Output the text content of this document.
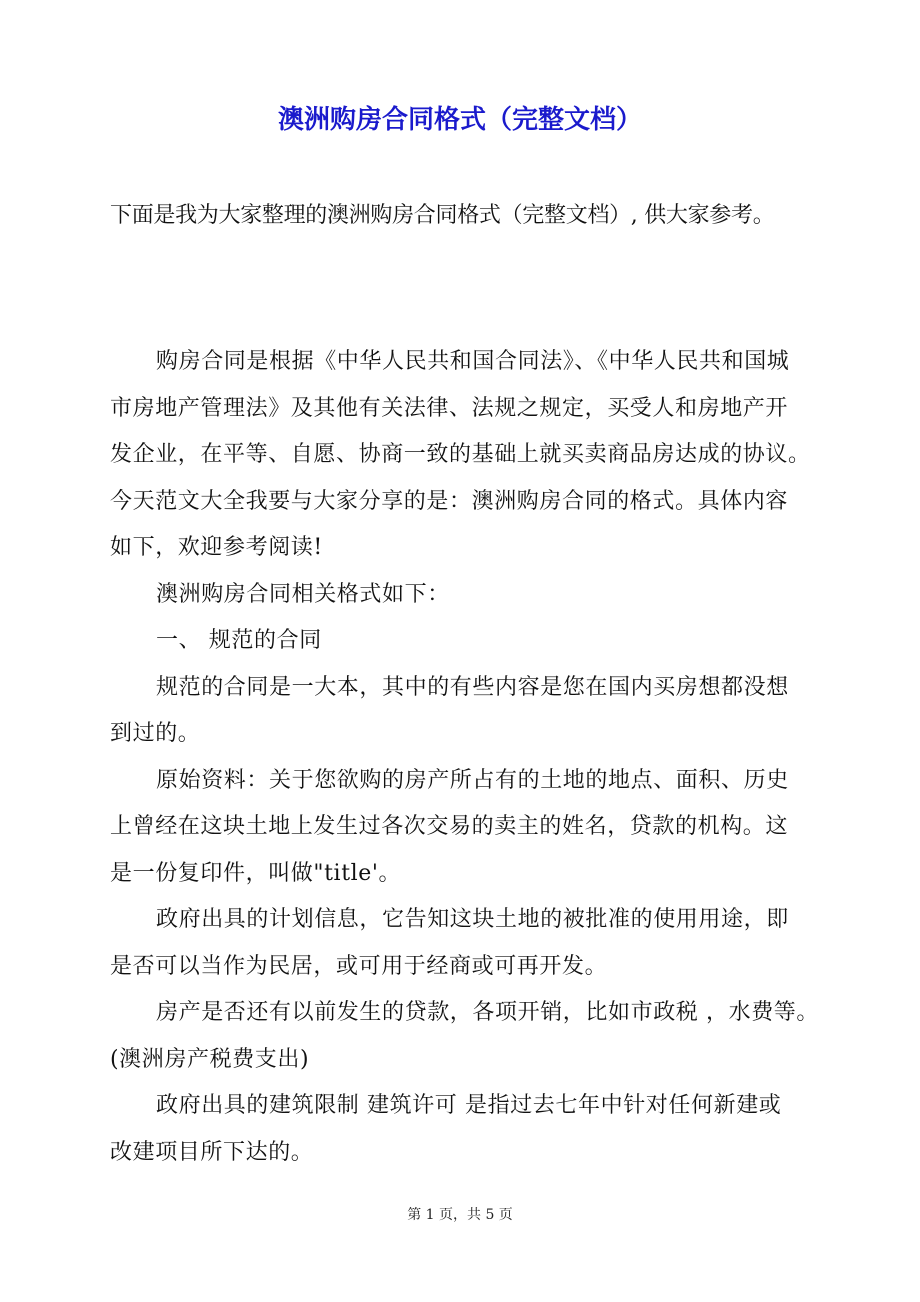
澳洲购房合同格式（完整文档）
下面是我为大家整理的澳洲购房合同格式（完整文档）, 供大家参考。
购房合同是根据《中华人民共和国合同法》、《中华人民共和国城
市房地产管理法》及其他有关法律、法规之规定，买受人和房地产开
发企业，在平等、自愿、协商一致的基础上就买卖商品房达成的协议。
今天范文大全我要与大家分享的是：澳洲购房合同的格式。具体内容
如下，欢迎参考阅读!
澳洲购房合同相关格式如下：
一、 规范的合同
规范的合同是一大本，其中的有些内容是您在国内买房想都没想
到过的。
原始资料：关于您欲购的房产所占有的土地的地点、面积、历史
上曾经在这块土地上发生过各次交易的卖主的姓名，贷款的机构。这
是一份复印件，叫做"title'。
政府出具的计划信息，它告知这块土地的被批准的使用用途，即
是否可以当作为民居，或可用于经商或可再开发。
房产是否还有以前发生的贷款，各项开销，比如市政税 ，水费等。
(澳洲房产税费支出)
政府出具的建筑限制 建筑许可 是指过去七年中针对任何新建或
改建项目所下达的。
第 1 页，共 5 页
